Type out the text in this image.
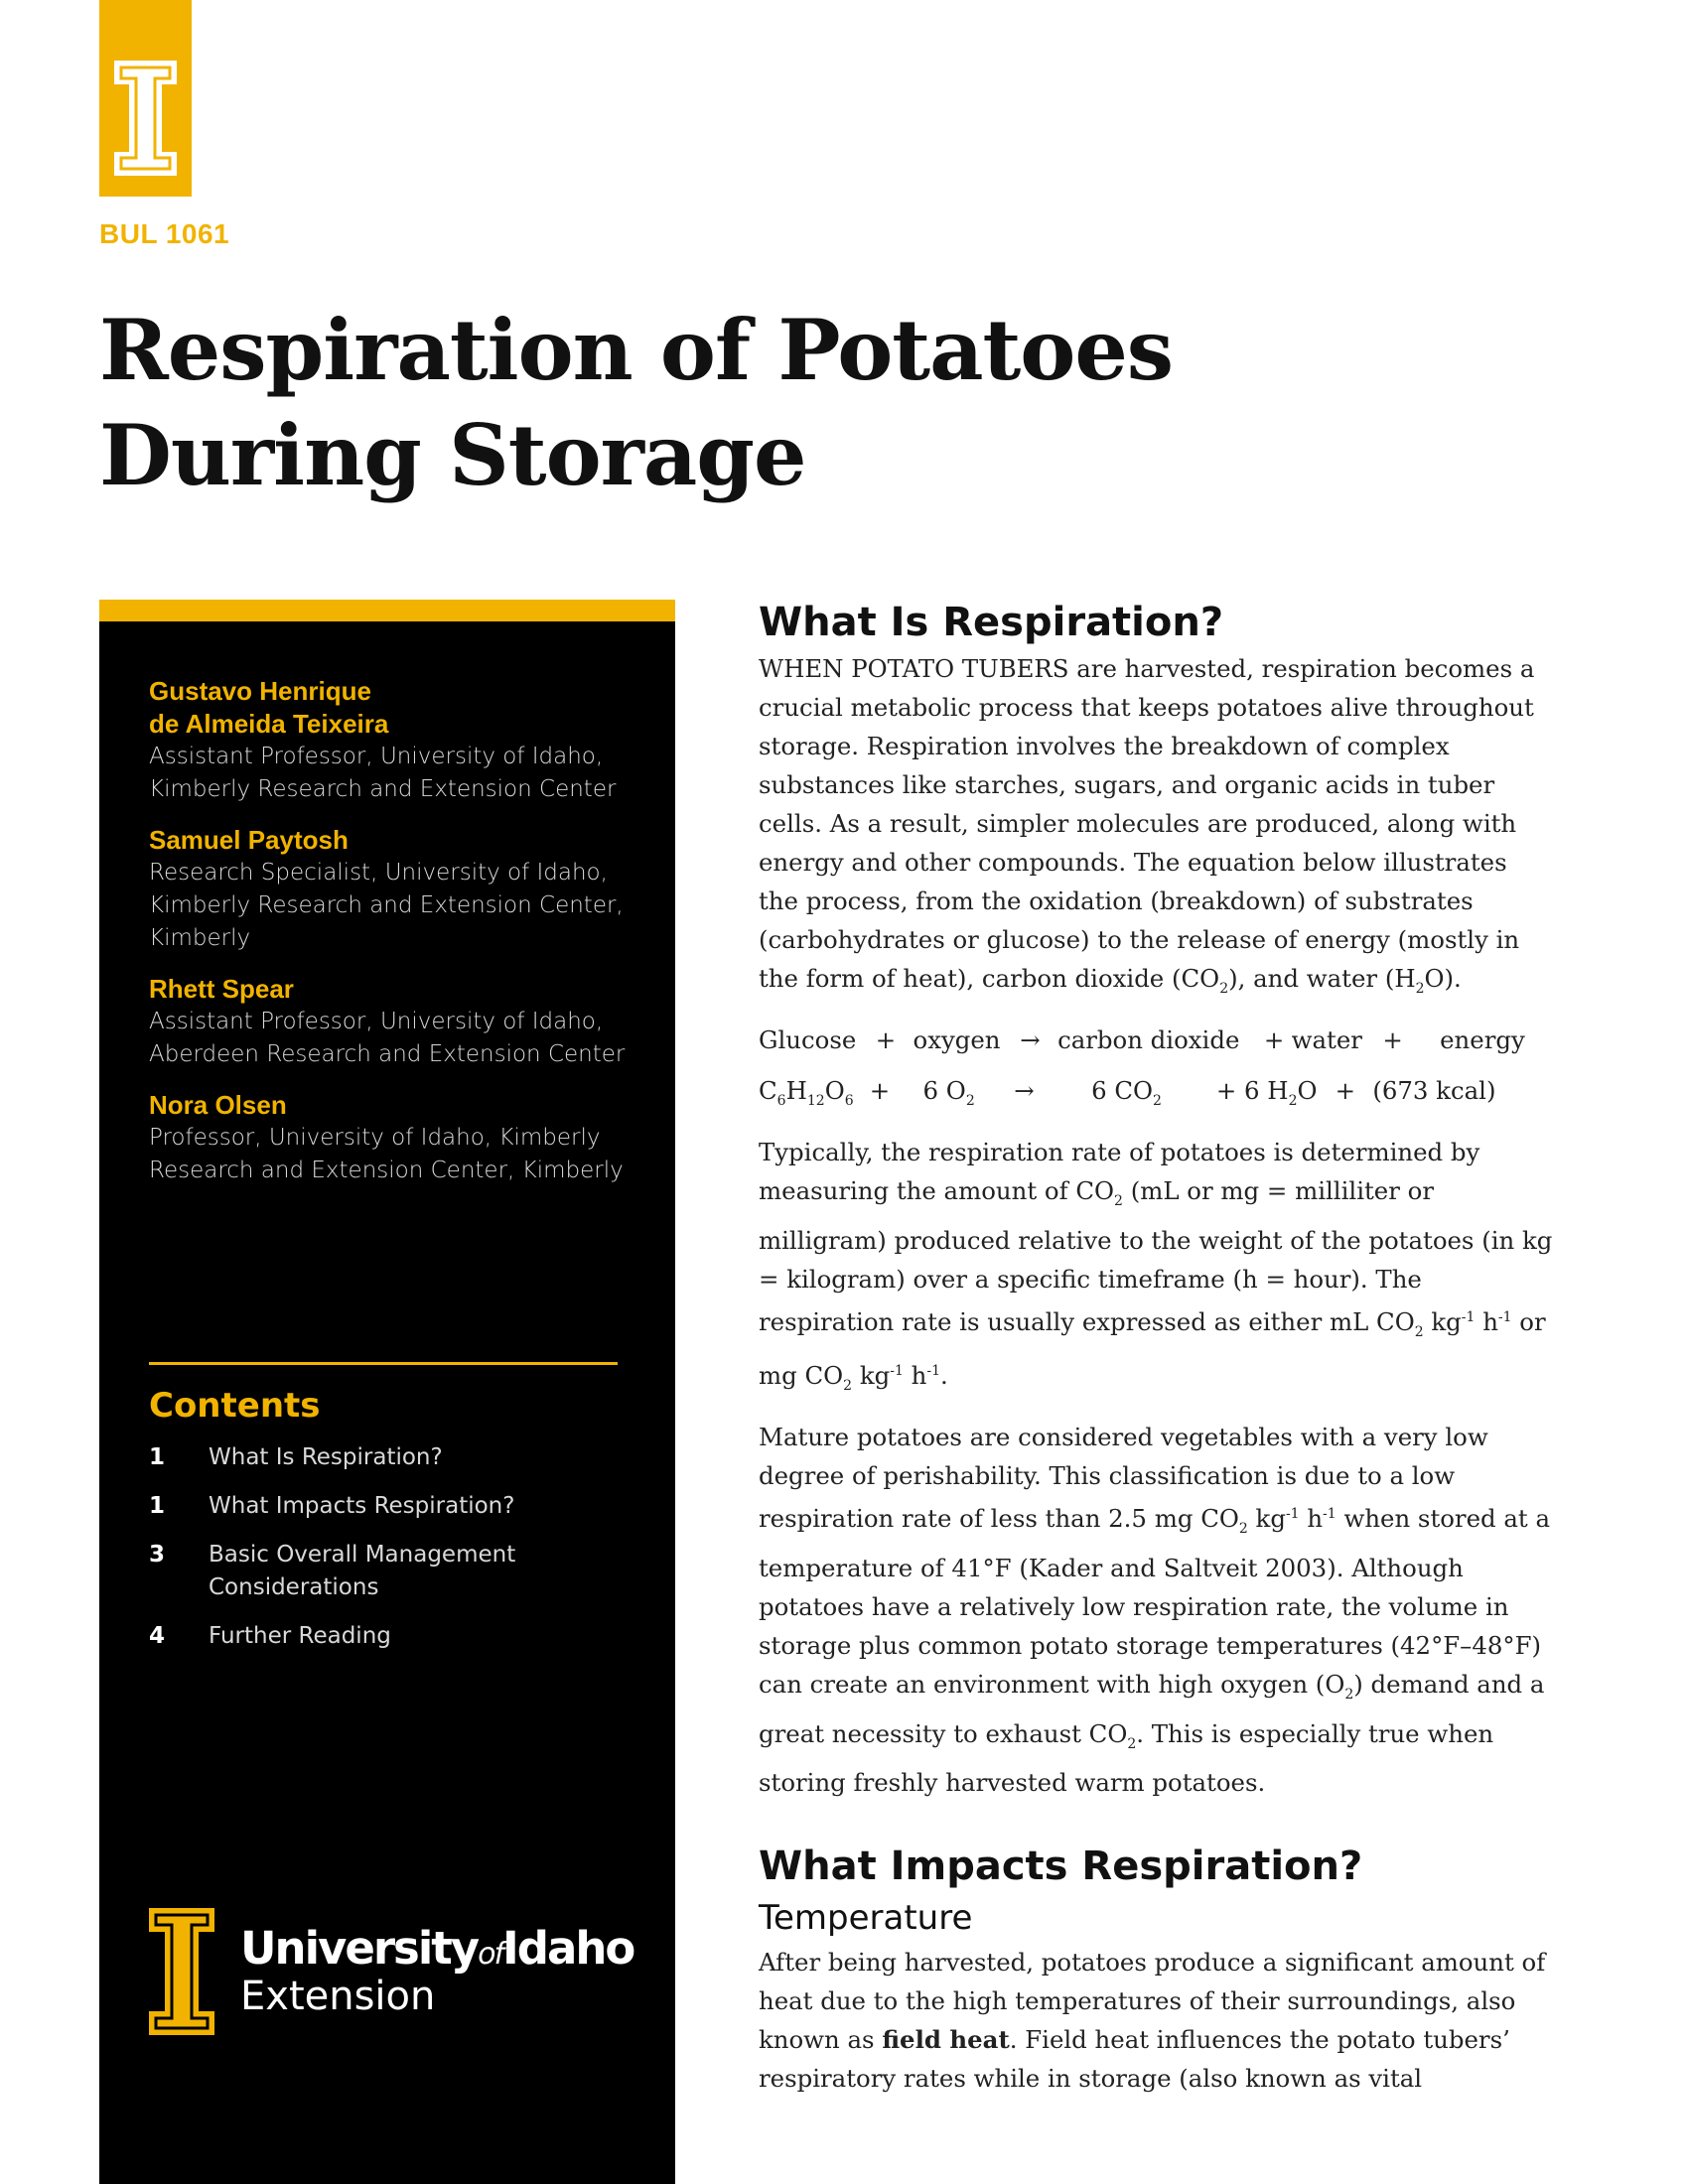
BUL 1061
Respiration of Potatoes During Storage
Gustavo Henrique
de Almeida Teixeira
Assistant Professor, University of Idaho, Kimberly Research and Extension Center
Samuel Paytosh
Research Specialist, University of Idaho, Kimberly Research and Extension Center, Kimberly
Rhett Spear
Assistant Professor, University of Idaho, Aberdeen Research and Extension Center
Nora Olsen
Professor, University of Idaho, Kimberly Research and Extension Center, Kimberly
Contents
1	What Is Respiration?
1	What Impacts Respiration?
3	Basic Overall Management Considerations
4	Further Reading
UniversityofIdaho
Extension
What Is Respiration?

WHEN POTATO TUBERS are harvested, respiration becomes a crucial metabolic process that keeps potatoes alive throughout storage. Respiration involves the breakdown of complex substances like starches, sugars, and organic acids in tuber cells. As a result, simpler molecules are produced, along with energy and other compounds. The equation below illustrates the process, from the oxidation (breakdown) of substrates (carbohydrates or glucose) to the release of energy (mostly in the form of heat), carbon dioxide $(CO_2)$, and water $(H_2O)$.

Glucose + oxygen → carbon dioxide + water + energy
$C_6H_{12}O_6 + 6$ $O_2 \to 6$ $CO_2 + 6$ $H_2O + (673$ kcal)

Typically, the respiration rate of potatoes is determined by measuring the amount of $CO_2$ (mL or mg = milliliter or milligram) produced relative to the weight of the potatoes (in kg = kilogram) over a specific timeframe (h = hour). The respiration rate is usually expressed as either mL $CO_2$ $kg^{-1}$ $h^{-1}$ or mg $CO_2$ $kg^{-1}$ $h^{-1}$.

Mature potatoes are considered vegetables with a very low degree of perishability. This classification is due to a low respiration rate of less than 2.5 mg $CO_2$ $kg^{-1}$ $h^{-1}$ when stored at a temperature of 41°F (Kader and Saltveit 2003). Although potatoes have a relatively low respiration rate, the volume in storage plus common potato storage temperatures (42°F–48°F) can create an environment with high oxygen $(O_2)$ demand and a great necessity to exhaust $CO_2$. This is especially true when storing freshly harvested warm potatoes.

What Impacts Respiration?
Temperature

After being harvested, potatoes produce a significant amount of heat due to the high temperatures of their surroundings, also known as field heat. Field heat influences the potato tubers’ respiratory rates while in storage (also known as vital
